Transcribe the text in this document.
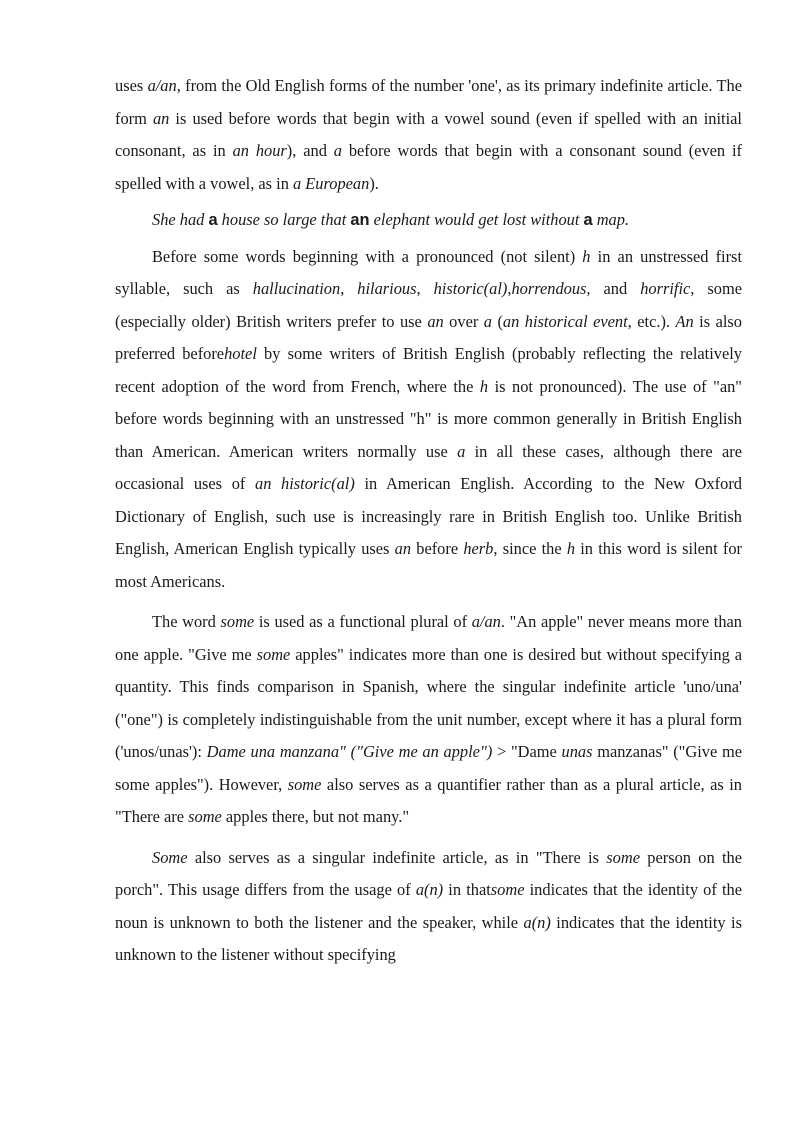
uses a/an, from the Old English forms of the number 'one', as its primary indefinite article. The form an is used before words that begin with a vowel sound (even if spelled with an initial consonant, as in an hour), and a before words that begin with a consonant sound (even if spelled with a vowel, as in a European).

She had a house so large that an elephant would get lost without a map.

Before some words beginning with a pronounced (not silent) h in an unstressed first syllable, such as hallucination, hilarious, historic(al),horrendous, and horrific, some (especially older) British writers prefer to use an over a (an historical event, etc.). An is also preferred beforehotel by some writers of British English (probably reflecting the relatively recent adoption of the word from French, where the h is not pronounced). The use of "an" before words beginning with an unstressed "h" is more common generally in British English than American. American writers normally use a in all these cases, although there are occasional uses of an historic(al) in American English. According to the New Oxford Dictionary of English, such use is increasingly rare in British English too. Unlike British English, American English typically uses an before herb, since the h in this word is silent for most Americans.

The word some is used as a functional plural of a/an. "An apple" never means more than one apple. "Give me some apples" indicates more than one is desired but without specifying a quantity. This finds comparison in Spanish, where the singular indefinite article 'uno/una' ("one") is completely indistinguishable from the unit number, except where it has a plural form ('unos/unas'): Dame una manzana" ("Give me an apple") > "Dame unas manzanas" ("Give me some apples"). However, some also serves as a quantifier rather than as a plural article, as in "There are some apples there, but not many."

Some also serves as a singular indefinite article, as in "There is some person on the porch". This usage differs from the usage of a(n) in thatsome indicates that the identity of the noun is unknown to both the listener and the speaker, while a(n) indicates that the identity is unknown to the listener without specifying
